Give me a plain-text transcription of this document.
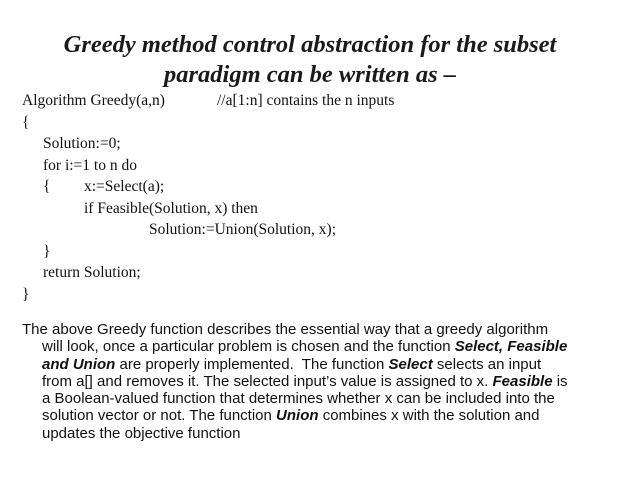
Greedy method control abstraction for the subset
paradigm can be written as –

Algorithm Greedy(a,n)

	//a[1:n] contains the n inputs

{

Solution:=0;

for i:=1 to n do

{

x:=Select(a);

if Feasible(Solution, x) then

Solution:=Union(Solution, x);

}

return Solution;

}

The above Greedy function describes the essential way that a greedy algorithm
will look, once a particular problem is chosen and the function Select, Feasible
and Union are properly implemented.  The function Select selects an input
from a[] and removes it. The selected input’s value is assigned to x. Feasible is
a Boolean-valued function that determines whether x can be included into the
solution vector or not. The function Union combines x with the solution and
updates the objective function
